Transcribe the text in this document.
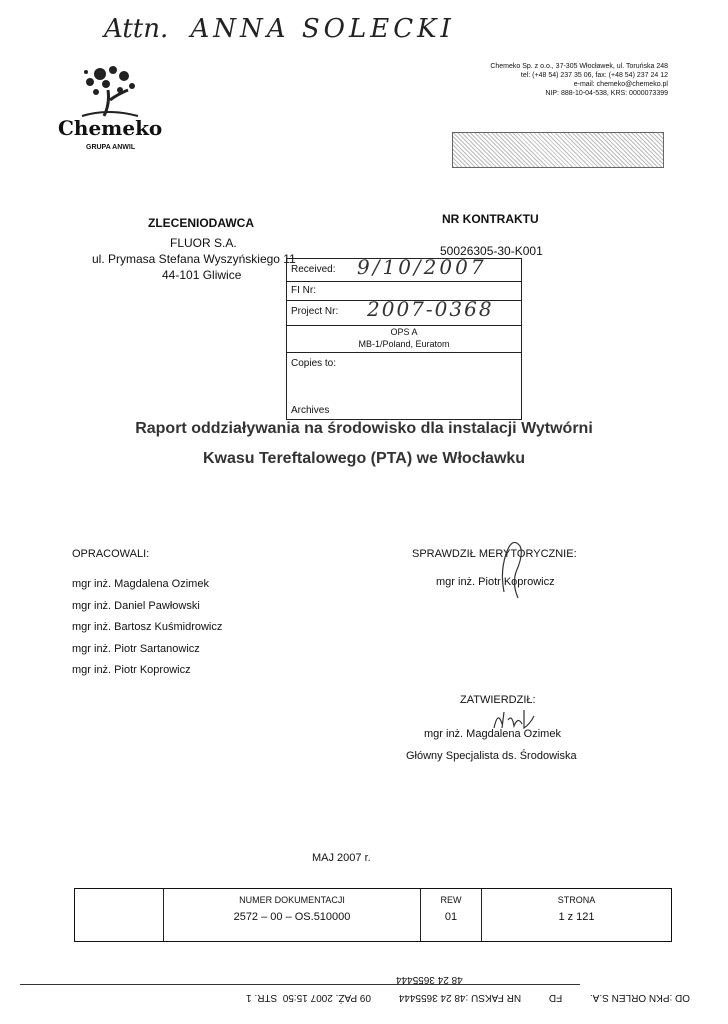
Attn. ANNA SOLECKI
Chemeko
GRUPA ANWIL
Chemeko Sp. z o.o., 37-305 Włocławek, ul. Toruńska 248
tel: (+48 54) 237 35 06, fax: (+48 54) 237 24 12
e-mail: chemeko@chemeko.pl
NIP: 888-10-04-538, KRS: 0000073399
ZLECENIODAWCA
FLUOR S.A.
ul. Prymasa Stefana Wyszyńskiego 11
44-101 Gliwice
NR KONTRAKTU
50026305-30-K001
Received: 9/10/2007
FI Nr:
Project Nr: 2007-0368
OPS A
MB-1/Poland, Euratom
Copies to:
Archives
Raport oddziaływania na środowisko dla instalacji Wytwórni
Kwasu Tereftalowego (PTA) we Włocławku
OPRACOWALI:
mgr inż. Magdalena Ozimek
mgr inż. Daniel Pawłowski
mgr inż. Bartosz Kuśmidrowicz
mgr inż. Piotr Sartanowicz
mgr inż. Piotr Koprowicz
SPRAWDZIŁ MERYTORYCZNIE:
mgr inż. Piotr Koprowicz
ZATWIERDZIŁ:
mgr inż. Magdalena Ozimek
Główny Specjalista ds. Środowiska
MAJ 2007 r.

NUMER DOKUMENTACJI
2572 – 00 – OS.510000

REW
01

STRONA
1 z 121
48 24 3655444
OD :PKN ORLEN S.A.          FD          NR FAKSU :48 24 3655444          09 PAŹ. 2007 15:50  STR. 1
